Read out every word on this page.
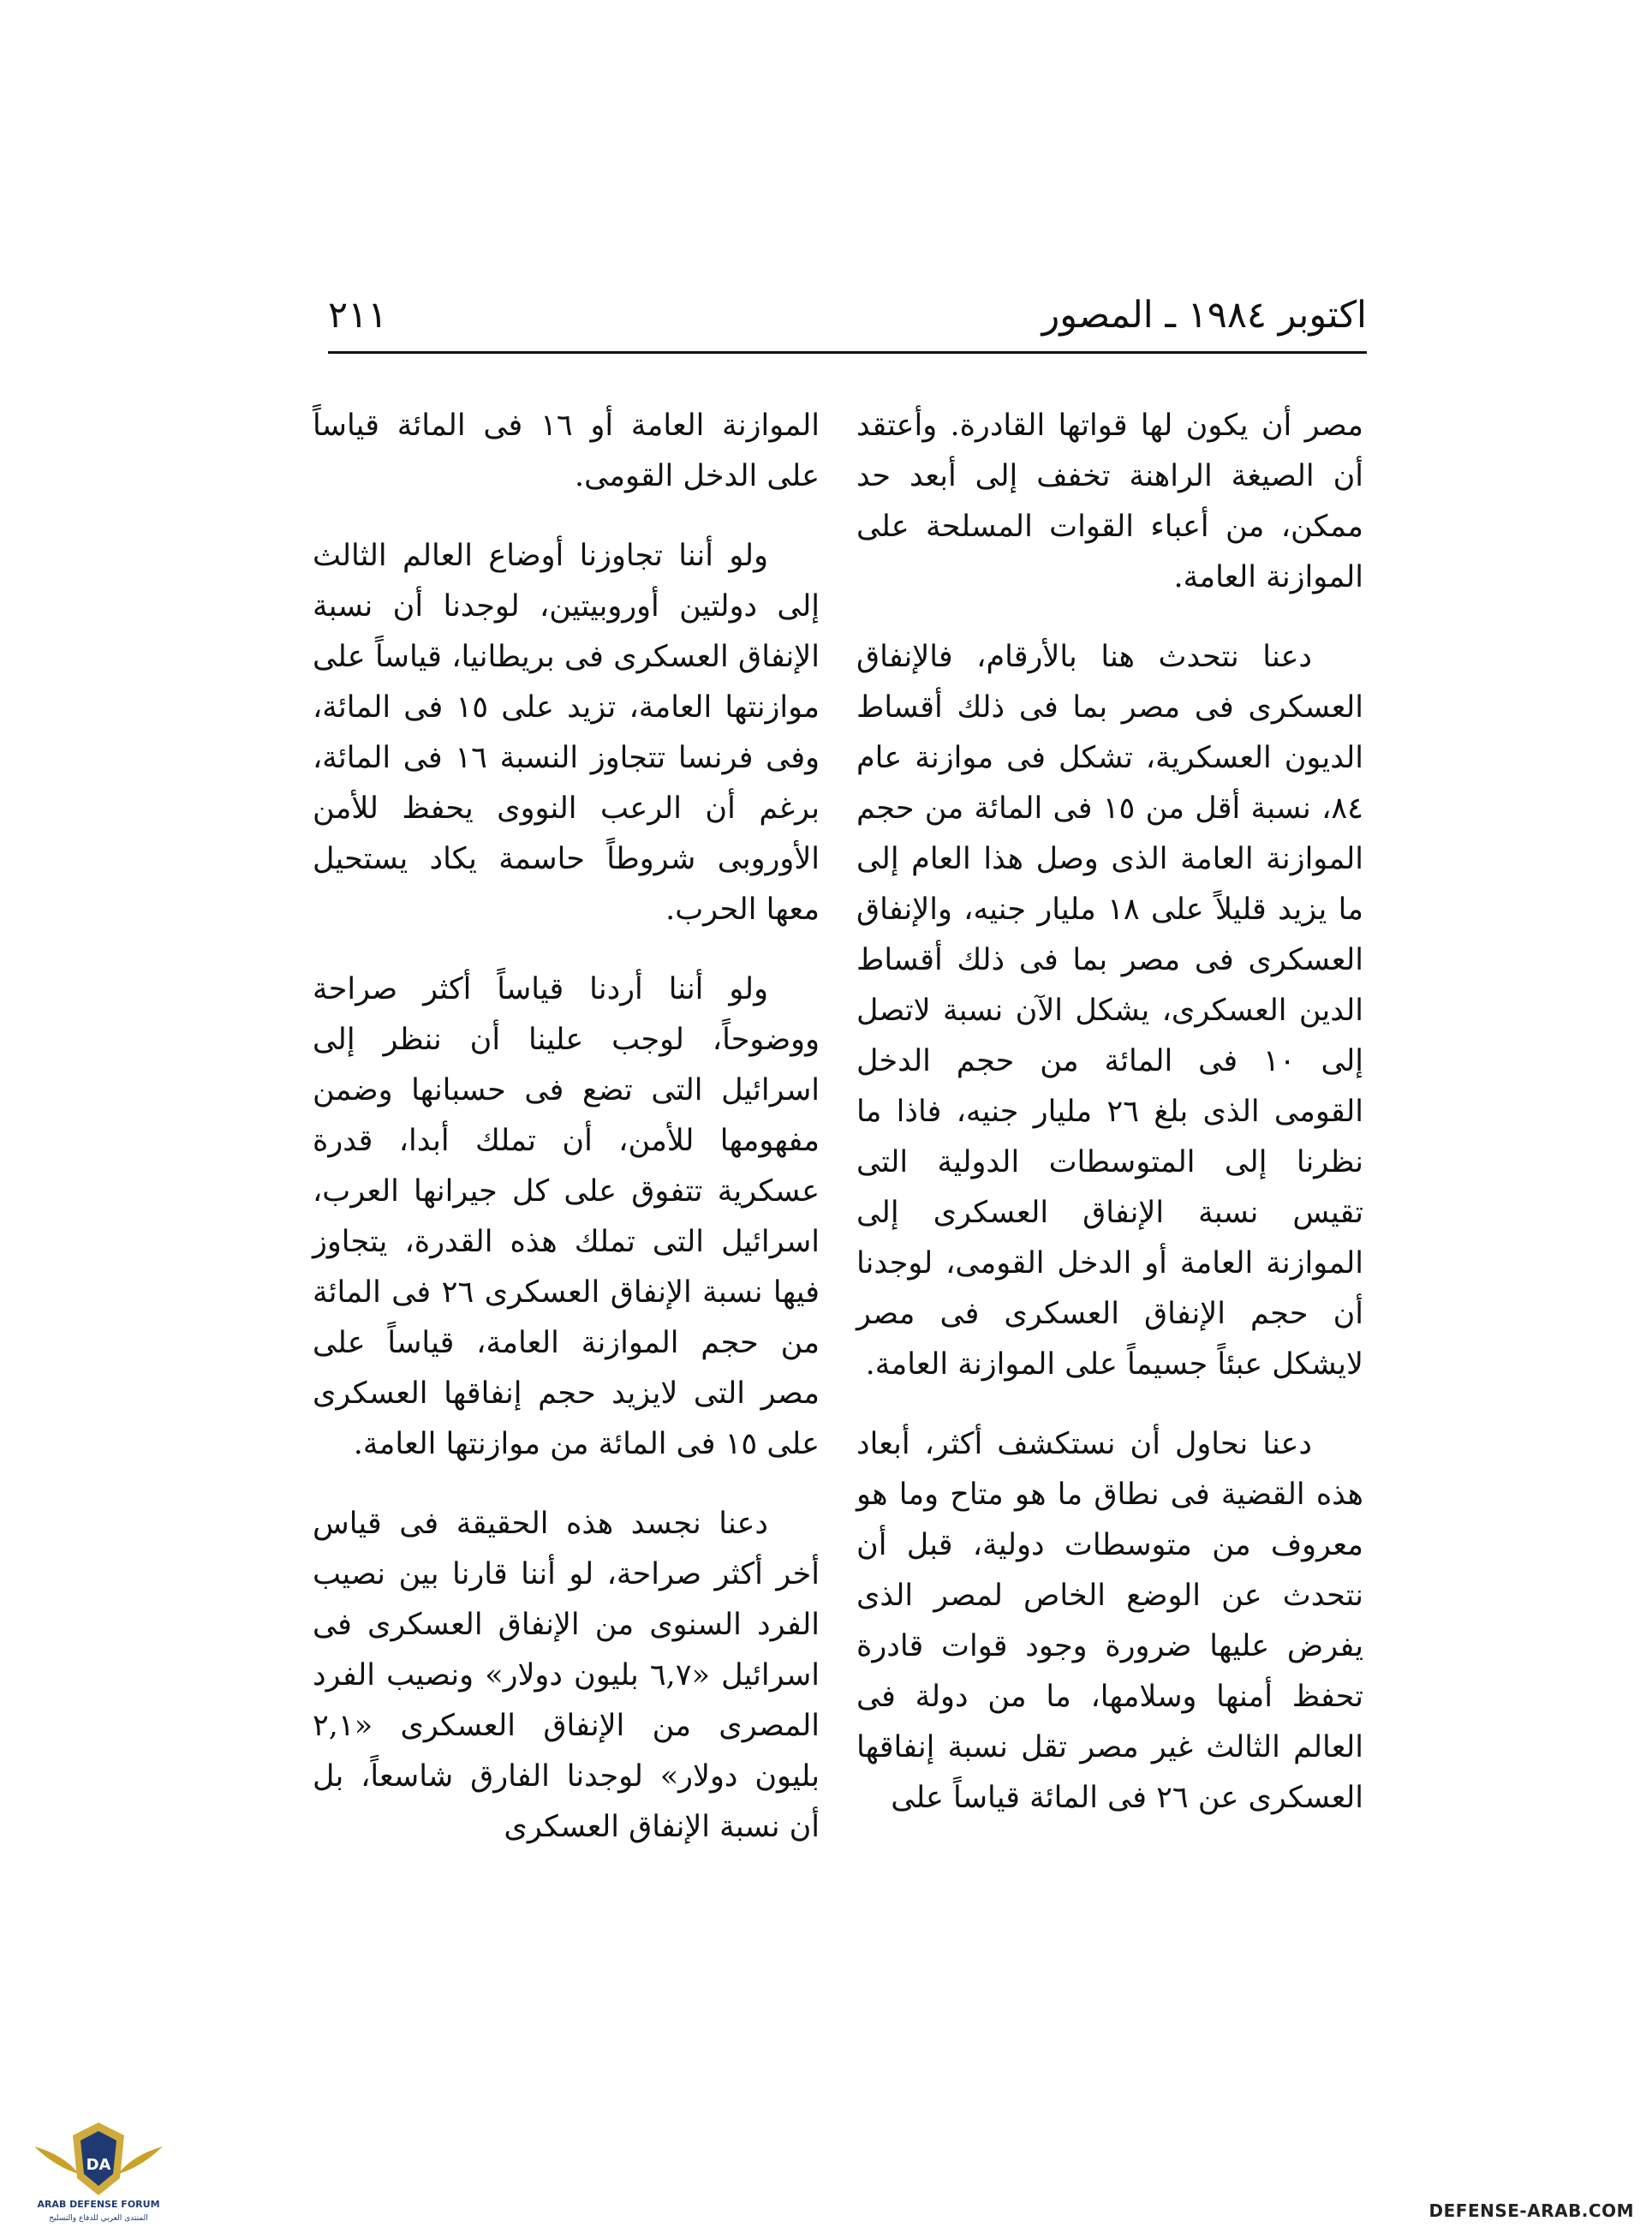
اكتوبر ١٩٨٤ ـ المصور
٢١١

مصر أن يكون لها قواتها القادرة. وأعتقد أن الصيغة الراهنة تخفف إلى أبعد حد ممكن، من أعباء القوات المسلحة على الموازنة العامة.

دعنا نتحدث هنا بالأرقام، فالإنفاق العسكرى فى مصر بما فى ذلك أقساط الديون العسكرية، تشكل فى موازنة عام ٨٤، نسبة أقل من ١٥ فى المائة من حجم الموازنة العامة الذى وصل هذا العام إلى ما يزيد قليلاً على ١٨ مليار جنيه، والإنفاق العسكرى فى مصر بما فى ذلك أقساط الدين العسكرى، يشكل الآن نسبة لاتصل إلى ١٠ فى المائة من حجم الدخل القومى الذى بلغ ٢٦ مليار جنيه، فاذا ما نظرنا إلى المتوسطات الدولية التى تقيس نسبة الإنفاق العسكرى إلى الموازنة العامة أو الدخل القومى، لوجدنا أن حجم الإنفاق العسكرى فى مصر لايشكل عبئاً جسيماً على الموازنة العامة.

دعنا نحاول أن نستكشف أكثر، أبعاد هذه القضية فى نطاق ما هو متاح وما هو معروف من متوسطات دولية، قبل أن نتحدث عن الوضع الخاص لمصر الذى يفرض عليها ضرورة وجود قوات قادرة تحفظ أمنها وسلامها، ما من دولة فى العالم الثالث غير مصر تقل نسبة إنفاقها العسكرى عن ٢٦ فى المائة قياساً على

الموازنة العامة أو ١٦ فى المائة قياساً على الدخل القومى.

ولو أننا تجاوزنا أوضاع العالم الثالث إلى دولتين أوروبيتين، لوجدنا أن نسبة الإنفاق العسكرى فى بريطانيا، قياساً على موازنتها العامة، تزيد على ١٥ فى المائة، وفى فرنسا تتجاوز النسبة ١٦ فى المائة، برغم أن الرعب النووى يحفظ للأمن الأوروبى شروطاً حاسمة يكاد يستحيل معها الحرب.

ولو أننا أردنا قياساً أكثر صراحة ووضوحاً، لوجب علينا أن ننظر إلى اسرائيل التى تضع فى حسبانها وضمن مفهومها للأمن، أن تملك أبدا، قدرة عسكرية تتفوق على كل جيرانها العرب، اسرائيل التى تملك هذه القدرة، يتجاوز فيها نسبة الإنفاق العسكرى ٢٦ فى المائة من حجم الموازنة العامة، قياساً على مصر التى لايزيد حجم إنفاقها العسكرى على ١٥ فى المائة من موازنتها العامة.

دعنا نجسد هذه الحقيقة فى قياس أخر أكثر صراحة، لو أننا قارنا بين نصيب الفرد السنوى من الإنفاق العسكرى فى اسرائيل «٦,٧ بليون دولار» ونصيب الفرد المصرى من الإنفاق العسكرى «٢,١ بليون دولار» لوجدنا الفارق شاسعاً، بل أن نسبة الإنفاق العسكرى

DA
ARAB DEFENSE FORUM
المنتدى العربي للدفاع والتسليح	DEFENSE-ARAB.COM
